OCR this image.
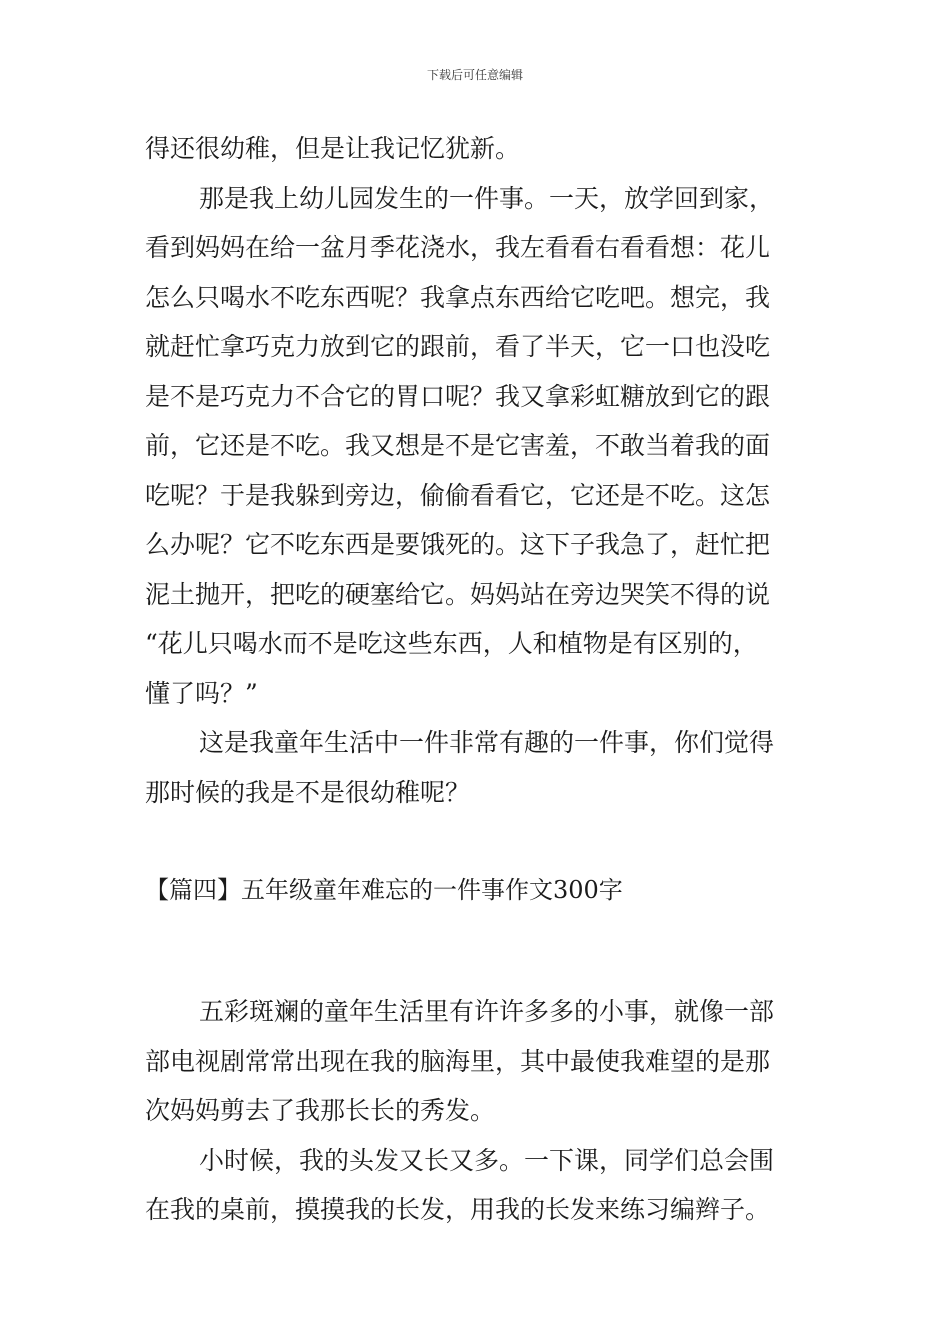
下载后可任意编辑
得还很幼稚，但是让我记忆犹新。
那是我上幼儿园发生的一件事。一天，放学回到家，
看到妈妈在给一盆月季花浇水，我左看看右看看想：花儿
怎么只喝水不吃东西呢？我拿点东西给它吃吧。想完，我
就赶忙拿巧克力放到它的跟前，看了半天，它一口也没吃
是不是巧克力不合它的胃口呢？我又拿彩虹糖放到它的跟
前，它还是不吃。我又想是不是它害羞，不敢当着我的面
吃呢？于是我躲到旁边，偷偷看看它，它还是不吃。这怎
么办呢？它不吃东西是要饿死的。这下子我急了，赶忙把
泥土抛开，把吃的硬塞给它。妈妈站在旁边哭笑不得的说
“花儿只喝水而不是吃这些东西，人和植物是有区别的，
懂了吗？”
这是我童年生活中一件非常有趣的一件事，你们觉得
那时候的我是不是很幼稚呢？
【篇四】五年级童年难忘的一件事作文300字
五彩斑斓的童年生活里有许许多多的小事，就像一部
部电视剧常常出现在我的脑海里，其中最使我难望的是那
次妈妈剪去了我那长长的秀发。
小时候，我的头发又长又多。一下课，同学们总会围
在我的桌前，摸摸我的长发，用我的长发来练习编辫子。
